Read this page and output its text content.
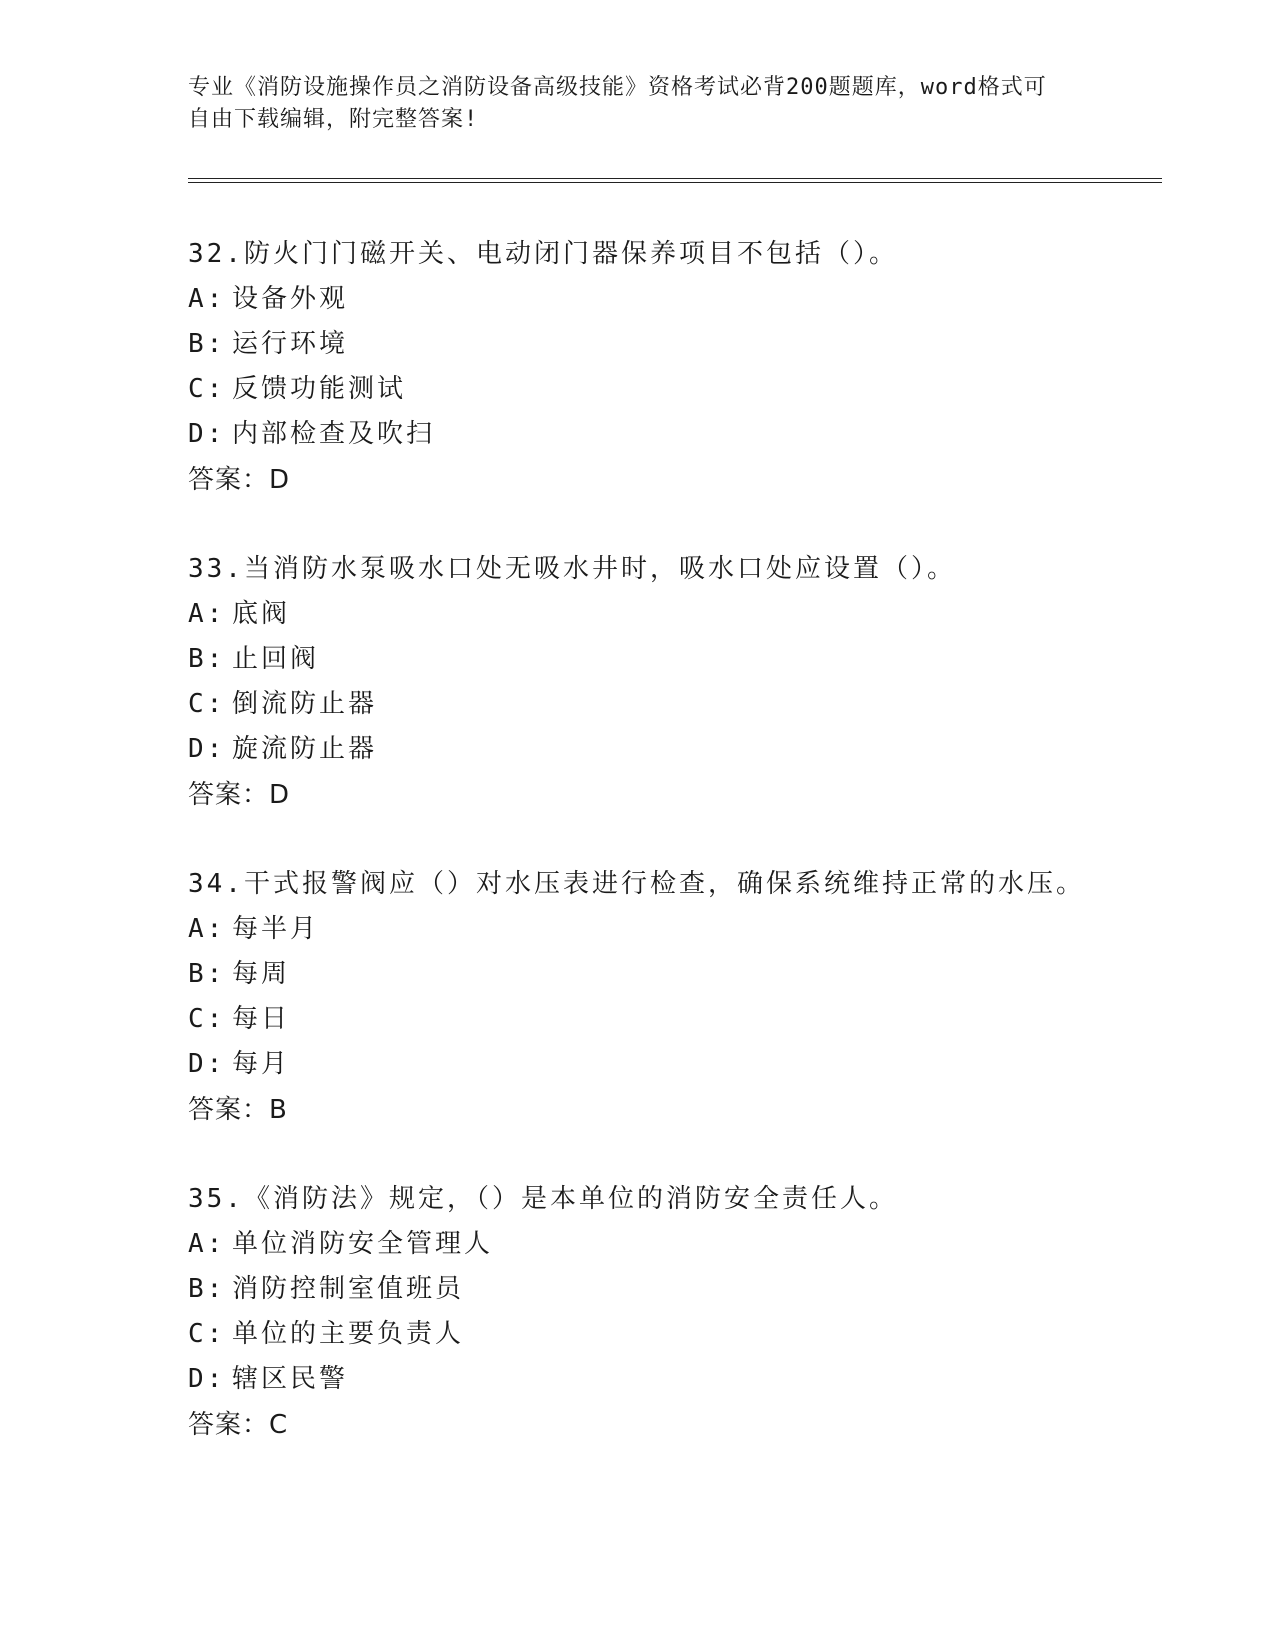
专业《消防设施操作员之消防设备高级技能》资格考试必背200题题库，word格式可自由下载编辑，附完整答案!
32.防火门门磁开关、电动闭门器保养项目不包括（）。
A: 设备外观
B: 运行环境
C: 反馈功能测试
D: 内部检查及吹扫
答案：D
33.当消防水泵吸水口处无吸水井时，吸水口处应设置（）。
A: 底阀
B: 止回阀
C: 倒流防止器
D: 旋流防止器
答案：D
34.干式报警阀应（）对水压表进行检查，确保系统维持正常的水压。
A: 每半月
B: 每周
C: 每日
D: 每月
答案：B
35.《消防法》规定，（）是本单位的消防安全责任人。
A: 单位消防安全管理人
B: 消防控制室值班员
C: 单位的主要负责人
D: 辖区民警
答案：C
